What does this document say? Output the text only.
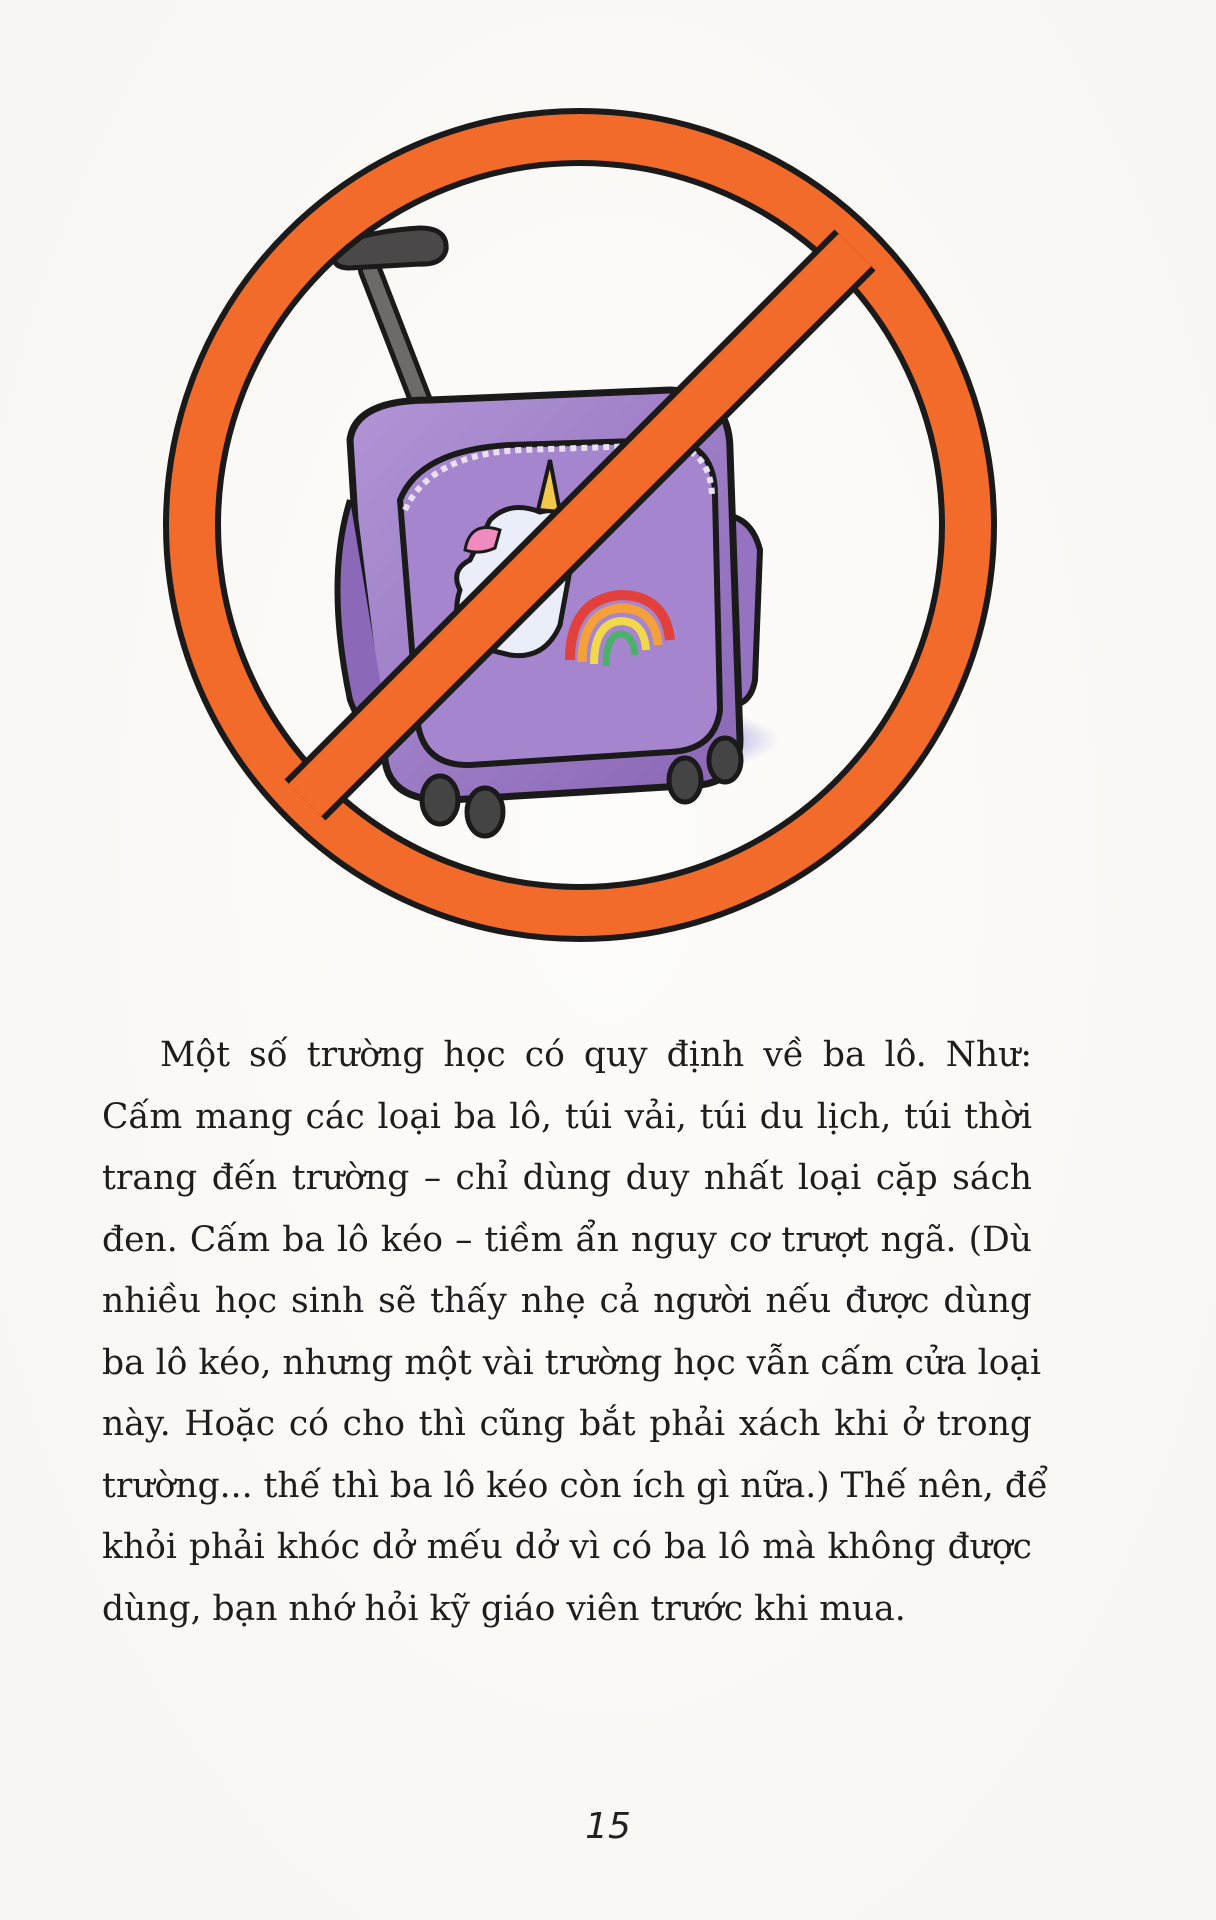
Một số trường học có quy định về ba lô. Như:
Cấm mang các loại ba lô, túi vải, túi du lịch, túi thời
trang đến trường – chỉ dùng duy nhất loại cặp sách
đen. Cấm ba lô kéo – tiềm ẩn nguy cơ trượt ngã. (Dù
nhiều học sinh sẽ thấy nhẹ cả người nếu được dùng
ba lô kéo, nhưng một vài trường học vẫn cấm cửa loại
này. Hoặc có cho thì cũng bắt phải xách khi ở trong
trường... thế thì ba lô kéo còn ích gì nữa.) Thế nên, để
khỏi phải khóc dở mếu dở vì có ba lô mà không được
dùng, bạn nhớ hỏi kỹ giáo viên trước khi mua.
15
